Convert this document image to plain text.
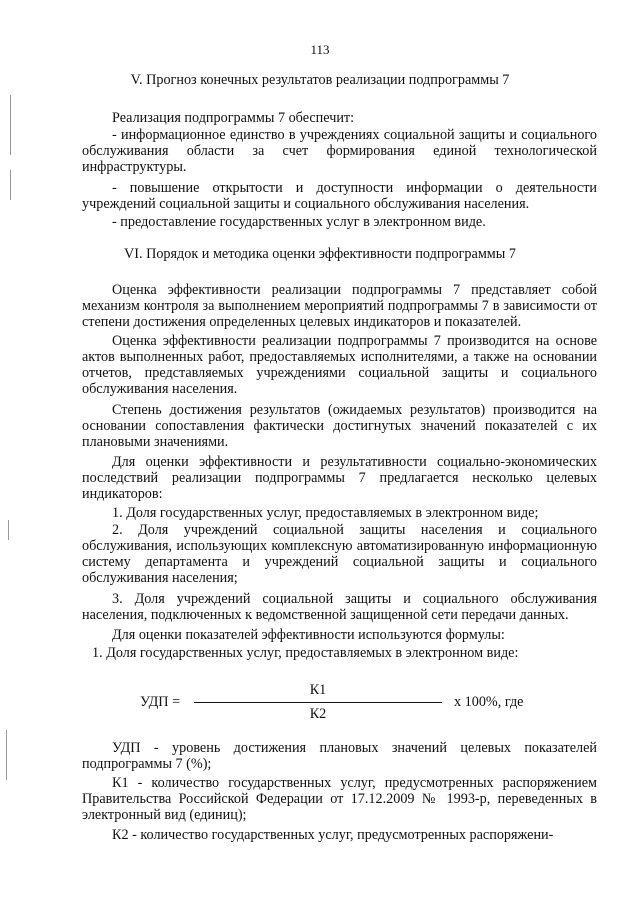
113
V. Прогноз конечных результатов реализации подпрограммы 7
Реализация подпрограммы 7 обеспечит:
- информационное единство в учреждениях социальной защиты и социального обслуживания области за счет формирования единой технологической инфраструктуры.
- повышение открытости и доступности информации о деятельности учреждений социальной защиты и социального обслуживания населения.
- предоставление государственных услуг в электронном виде.
VI. Порядок и методика оценки эффективности подпрограммы 7
Оценка эффективности реализации подпрограммы 7 представляет собой механизм контроля за выполнением мероприятий подпрограммы 7 в зависимости от степени достижения определенных целевых индикаторов и показателей.
Оценка эффективности реализации подпрограммы 7 производится на основе актов выполненных работ, предоставляемых исполнителями, а также на основании отчетов, представляемых учреждениями социальной защиты и социального обслуживания населения.
Степень достижения результатов (ожидаемых результатов) производится на основании сопоставления фактически достигнутых значений показателей с их плановыми значениями.
Для оценки эффективности и результативности социально-экономических последствий реализации подпрограммы 7 предлагается несколько целевых индикаторов:
1. Доля государственных услуг, предоставляемых в электронном виде;
2. Доля учреждений социальной защиты населения и социального обслуживания, использующих комплексную автоматизированную информационную систему департамента и учреждений социальной защиты и социального обслуживания населения;
3. Доля учреждений социальной защиты и социального обслуживания населения, подключенных к ведомственной защищенной сети передачи данных.
Для оценки показателей эффективности используются формулы:
1. Доля государственных услуг, предоставляемых в электронном виде:
УДП =
К1
К2
х 100%, где
УДП - уровень достижения плановых значений целевых показателей подпрограммы 7 (%);
К1 - количество государственных услуг, предусмотренных распоряжением Правительства Российской Федерации от 17.12.2009 № 1993-р, переведенных в электронный вид (единиц);
К2 - количество государственных услуг, предусмотренных распоряжени-
